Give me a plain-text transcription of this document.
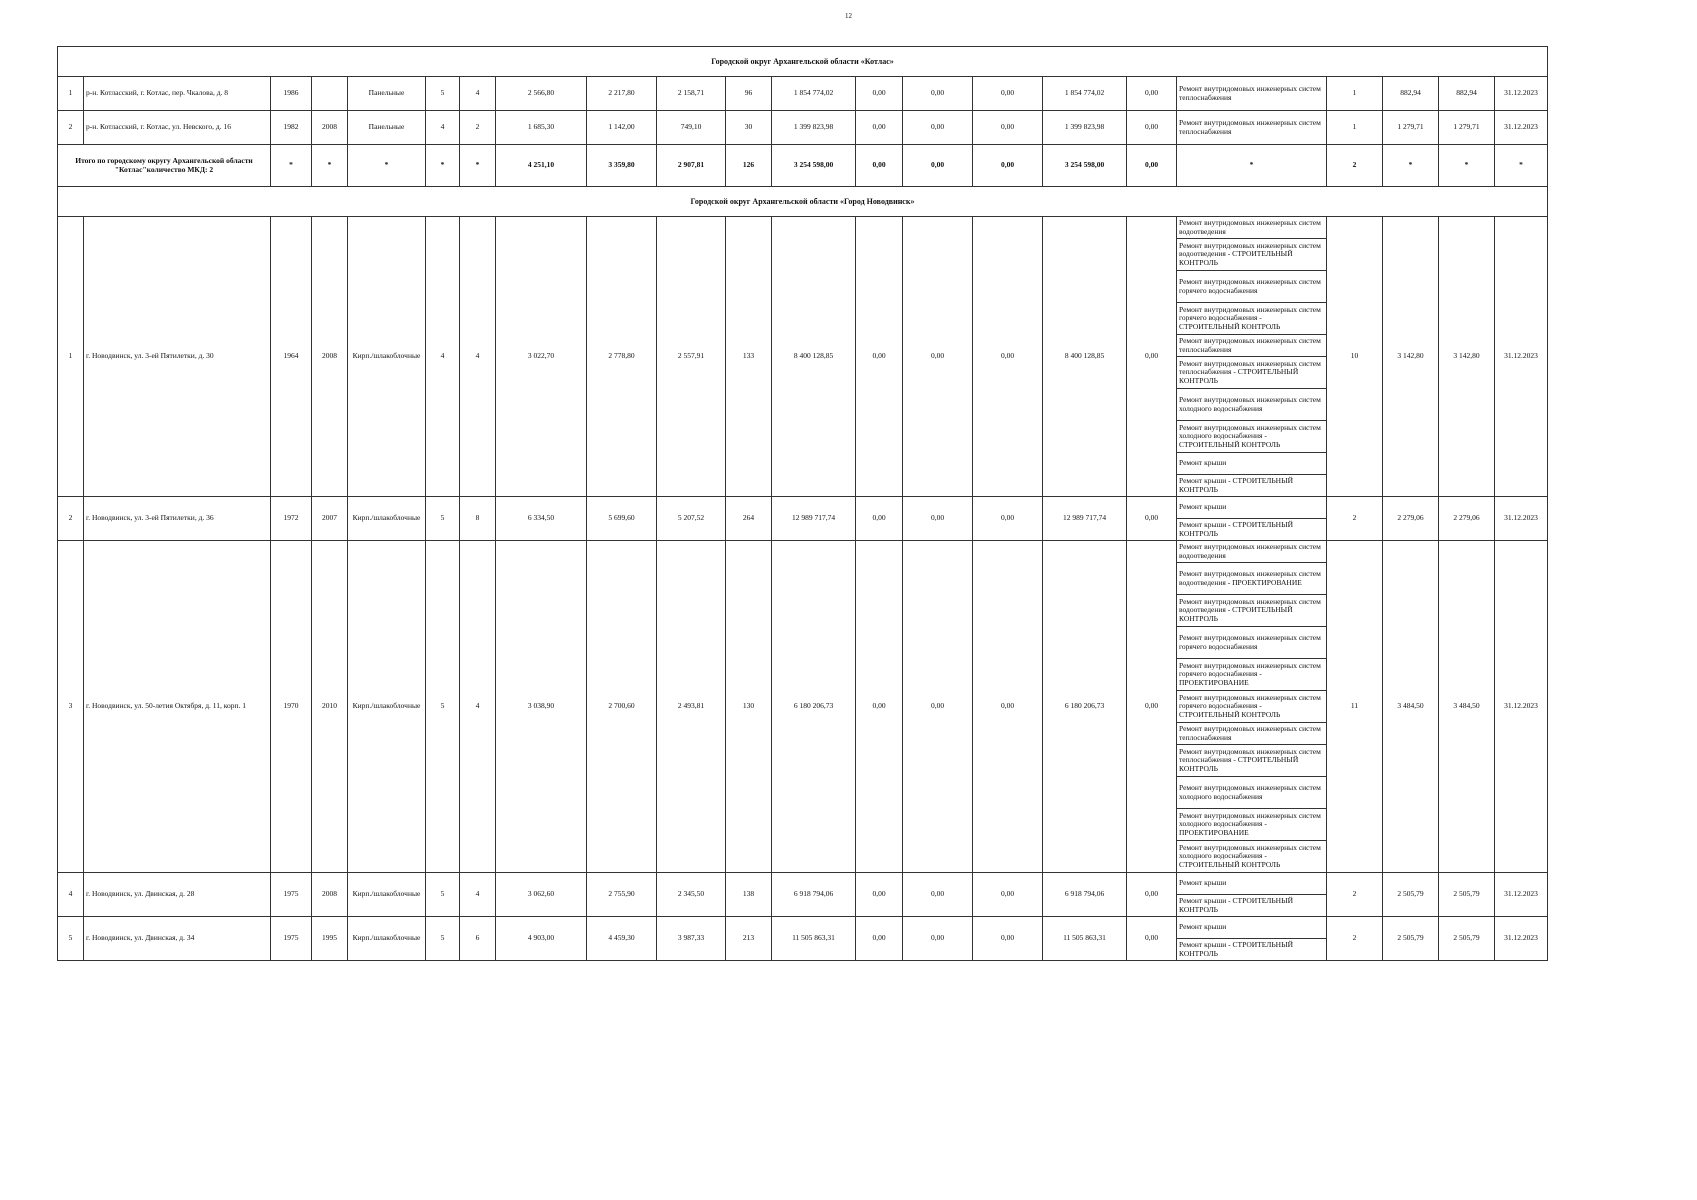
12
Городской округ Архангельской области «Котлас»																					
1	р-н. Котласский, г. Котлас, пер. Чкалова, д. 8	1986		Панельные	5	4	2 566,80	2 217,80	2 158,71	96	1 854 774,02	0,00	0,00	0,00	1 854 774,02	0,00	Ремонт внутридомовых инженерных систем теплоснабжения	1	882,94	882,94	31.12.2023
2	р-н. Котласский, г. Котлас, ул. Невского, д. 16	1982	2008	Панельные	4	2	1 685,30	1 142,00	749,10	30	1 399 823,98	0,00	0,00	0,00	1 399 823,98	0,00	Ремонт внутридомовых инженерных систем теплоснабжения	1	1 279,71	1 279,71	31.12.2023
Итого по городскому округу Архангельской области "Котлас"количество МКД: 2		*	*	*	*	*	4 251,10	3 359,80	2 907,81	126	3 254 598,00	0,00	0,00	0,00	3 254 598,00	0,00	*	2	*	*	*
Городской округ Архангельской области «Город Новодвинск»																					
1	г. Новодвинск, ул. 3-ей Пятилетки, д. 30	1964	2008	Кирп./шлакоблочные	4	4	3 022,70	2 778,80	2 557,91	133	8 400 128,85	0,00	0,00	0,00	8 400 128,85	0,00	Ремонт внутридомовых инженерных систем водоотведения	10	3 142,80	3 142,80	31.12.2023
																	Ремонт внутридомовых инженерных систем водоотведения - СТРОИТЕЛЬНЫЙ КОНТРОЛЬ				
																	Ремонт внутридомовых инженерных систем горячего водоснабжения				
																	Ремонт внутридомовых инженерных систем горячего водоснабжения - СТРОИТЕЛЬНЫЙ КОНТРОЛЬ				
																	Ремонт внутридомовых инженерных систем теплоснабжения				
																	Ремонт внутридомовых инженерных систем теплоснабжения - СТРОИТЕЛЬНЫЙ КОНТРОЛЬ				
																	Ремонт внутридомовых инженерных систем холодного водоснабжения				
																	Ремонт внутридомовых инженерных систем холодного водоснабжения - СТРОИТЕЛЬНЫЙ КОНТРОЛЬ				
																	Ремонт крыши				
																	Ремонт крыши - СТРОИТЕЛЬНЫЙ КОНТРОЛЬ				
2	г. Новодвинск, ул. 3-ей Пятилетки, д. 36	1972	2007	Кирп./шлакоблочные	5	8	6 334,50	5 699,60	5 207,52	264	12 989 717,74	0,00	0,00	0,00	12 989 717,74	0,00	Ремонт крыши	2	2 279,06	2 279,06	31.12.2023
																	Ремонт крыши - СТРОИТЕЛЬНЫЙ КОНТРОЛЬ				
3	г. Новодвинск, ул. 50-летия Октября, д. 11, корп. 1	1970	2010	Кирп./шлакоблочные	5	4	3 038,90	2 700,60	2 493,81	130	6 180 206,73	0,00	0,00	0,00	6 180 206,73	0,00	Ремонт внутридомовых инженерных систем водоотведения	11	3 484,50	3 484,50	31.12.2023
																	Ремонт внутридомовых инженерных систем водоотведения - ПРОЕКТИРОВАНИЕ				
																	Ремонт внутридомовых инженерных систем водоотведения - СТРОИТЕЛЬНЫЙ КОНТРОЛЬ				
																	Ремонт внутридомовых инженерных систем горячего водоснабжения				
																	Ремонт внутридомовых инженерных систем горячего водоснабжения - ПРОЕКТИРОВАНИЕ				
																	Ремонт внутридомовых инженерных систем горячего водоснабжения - СТРОИТЕЛЬНЫЙ КОНТРОЛЬ				
																	Ремонт внутридомовых инженерных систем теплоснабжения				
																	Ремонт внутридомовых инженерных систем теплоснабжения - СТРОИТЕЛЬНЫЙ КОНТРОЛЬ				
																	Ремонт внутридомовых инженерных систем холодного водоснабжения				
																	Ремонт внутридомовых инженерных систем холодного водоснабжения - ПРОЕКТИРОВАНИЕ				
																	Ремонт внутридомовых инженерных систем холодного водоснабжения - СТРОИТЕЛЬНЫЙ КОНТРОЛЬ				
4	г. Новодвинск, ул. Двинская, д. 28	1975	2008	Кирп./шлакоблочные	5	4	3 062,60	2 755,90	2 345,50	138	6 918 794,06	0,00	0,00	0,00	6 918 794,06	0,00	Ремонт крыши	2	2 505,79	2 505,79	31.12.2023
																	Ремонт крыши - СТРОИТЕЛЬНЫЙ КОНТРОЛЬ				
5	г. Новодвинск, ул. Двинская, д. 34	1975	1995	Кирп./шлакоблочные	5	6	4 903,00	4 459,30	3 987,33	213	11 505 863,31	0,00	0,00	0,00	11 505 863,31	0,00	Ремонт крыши	2	2 505,79	2 505,79	31.12.2023
																	Ремонт крыши - СТРОИТЕЛЬНЫЙ КОНТРОЛЬ				
